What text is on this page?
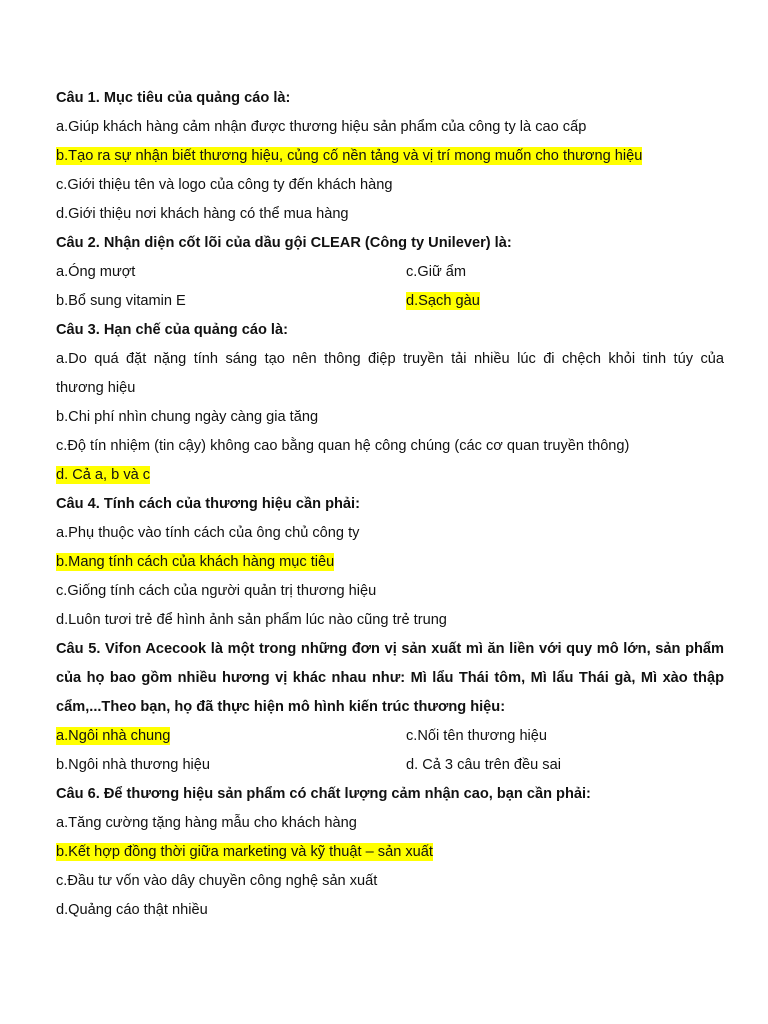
Câu 1. Mục tiêu của quảng cáo là:
a.Giúp khách hàng cảm nhận được thương hiệu sản phẩm của công ty là cao cấp
b.Tạo ra sự nhận biết thương hiệu, củng cố nền tảng và vị trí mong muốn cho thương hiệu
c.Giới thiệu tên và logo của công ty đến khách hàng
d.Giới thiệu nơi khách hàng có thể mua hàng
Câu 2. Nhận diện cốt lõi của dầu gội CLEAR (Công ty Unilever) là:
a.Óng mượt	c.Giữ ẩm
b.Bổ sung vitamin E	d.Sạch gàu
Câu 3. Hạn chế của quảng cáo là:
a.Do quá đặt nặng tính sáng tạo nên thông điệp truyền tải nhiều lúc đi chệch khỏi tinh túy của
thương hiệu
b.Chi phí nhìn chung ngày càng gia tăng
c.Độ tín nhiệm (tin cậy) không cao bằng quan hệ công chúng (các cơ quan truyền thông)
d. Cả a, b và c
Câu 4. Tính cách của thương hiệu cần phải:
a.Phụ thuộc vào tính cách của ông chủ công ty
b.Mang tính cách của khách hàng mục tiêu
c.Giống tính cách của người quản trị thương hiệu
d.Luôn tươi trẻ để hình ảnh sản phẩm lúc nào cũng trẻ trung
Câu 5. Vifon Acecook là một trong những đơn vị sản xuất mì ăn liền với quy mô lớn, sản phẩm
của họ bao gồm nhiều hương vị khác nhau như: Mì lẩu Thái tôm, Mì lẩu Thái gà, Mì xào thập
cẩm,...Theo bạn, họ đã thực hiện mô hình kiến trúc thương hiệu:
a.Ngôi nhà chung	c.Nối tên thương hiệu
b.Ngôi nhà thương hiệu	d. Cả 3 câu trên đều sai
Câu 6. Để thương hiệu sản phẩm có chất lượng cảm nhận cao, bạn cần phải:
a.Tăng cường tặng hàng mẫu cho khách hàng
b.Kết hợp đồng thời giữa marketing và kỹ thuật – sản xuất
c.Đầu tư vốn vào dây chuyền công nghệ sản xuất
d.Quảng cáo thật nhiều
